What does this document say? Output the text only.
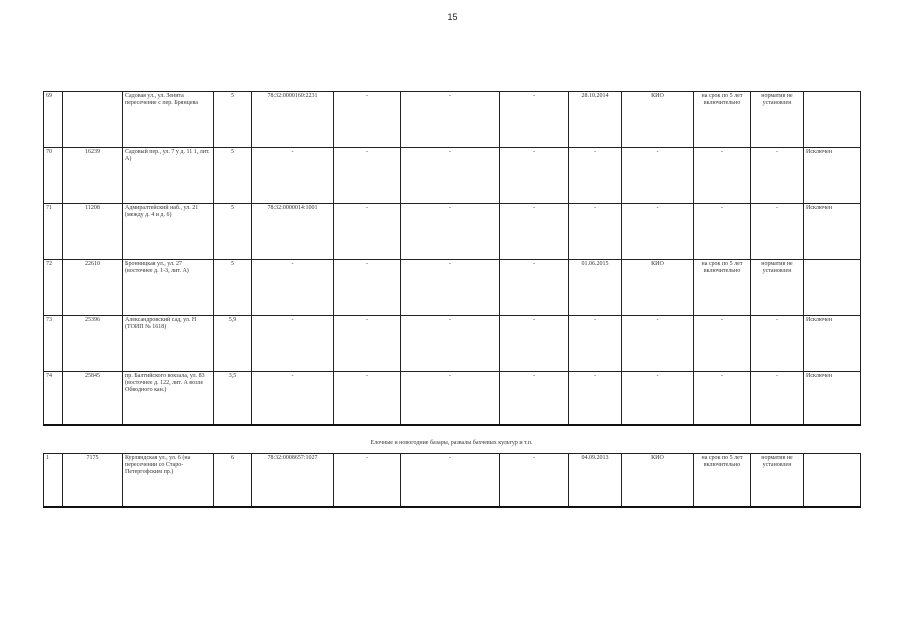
15
69		Садовая ул., ул. Зенита пересечение с пер. Брянцева	5	78:32:0000160:2231	-	-	-	28.10.2014	КИО	на срок по 5 лет включительно	норматив не установлен	
70	16239	Садовый пер., ул. 7 у д. 11 1, лит. А)	5	-	-	-	-	-	-	-	-	Исключен
71	11208	Адмиралтейский наб., ул. 21 (между д. 4 и д. 6)	5	78:32:0000014:1001	-	-	-	-	-	-	-	Исключен
72	22610	Бронницкая ул., ул. 27 (восточнее д. 1-3, лит. А)	5	-	-	-	-	01.06.2015	КИО	на срок по 5 лет включительно	норматив не установлен	
73	25396	Александровский сад, ул. Н (ТОИП № 1618)	5,9	-	-	-	-	-	-	-	-	Исключен
74	25845	пр. Балтийского вокзала, ул. 83 (восточнее д. 122, лит. А возле Обводного кан.)	3,5	-	-	-	-	-	-	-	-	Исключен
Елочные и новогодние базары, развалы бахчевых культур и т.п.
1	7175	Курляндская ул., ул. 6 (на пересечении со Старо-Петергофским пр.)	6	78:32:0008657:1027	-	-	-	04.09.2013	КИО	на срок по 5 лет включительно	норматив не установлен	
